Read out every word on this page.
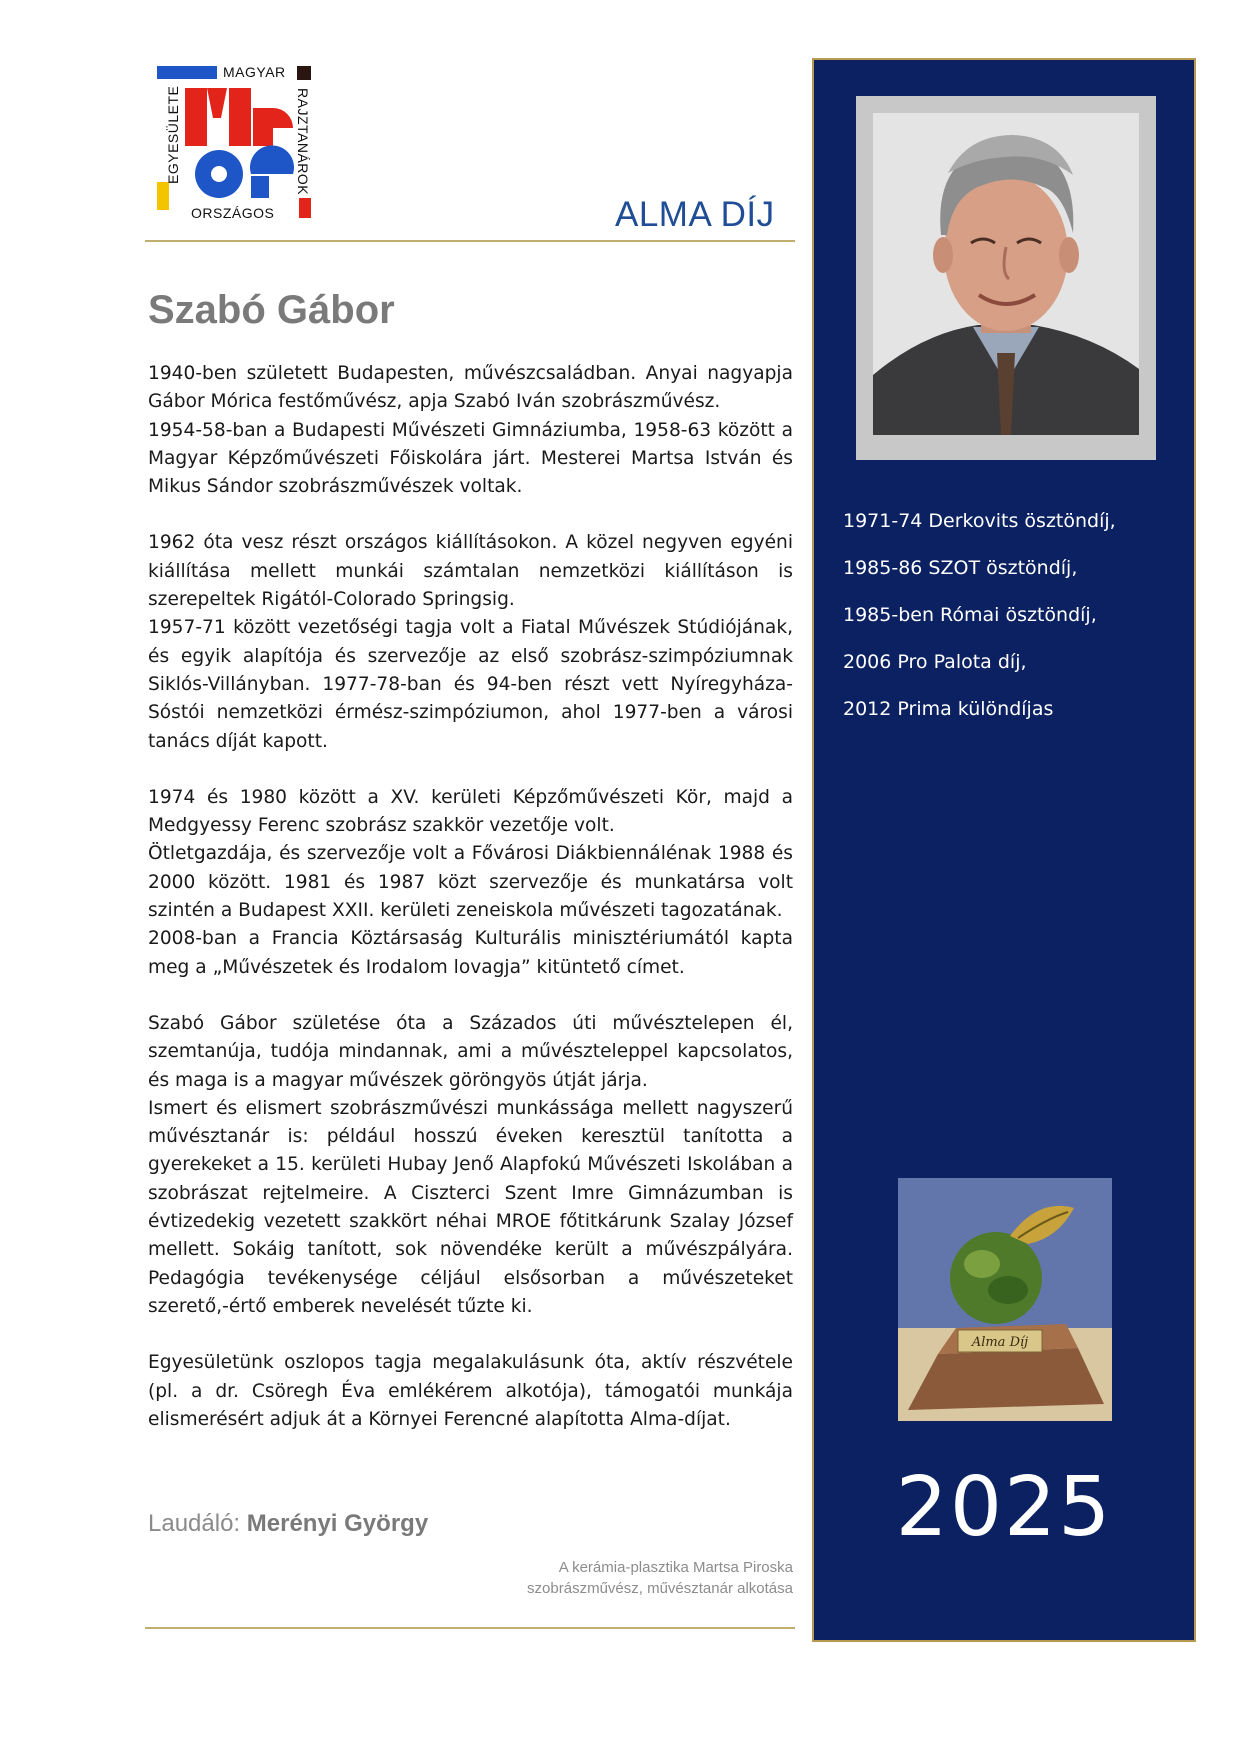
MAGYAR
RAJZTANÁROK
ORSZÁGOS
EGYESÜLETE
ALMA DÍJ
Szabó Gábor

1940-ben született Budapesten, művészcsaládban. Anyai nagyapja Gábor Mórica festőművész, apja Szabó Iván szobrászművész.
1954-58-ban a Budapesti Művészeti Gimnáziumba, 1958-63 között a Magyar Képzőművészeti Főiskolára járt. Mesterei Martsa István és Mikus Sándor szobrászművészek voltak.

1962 óta vesz részt országos kiállításokon. A közel negyven egyéni kiállítása mellett munkái számtalan nemzetközi kiállításon is szerepeltek Rigától-Colorado Springsig.
1957-71 között vezetőségi tagja volt a Fiatal Művészek Stúdiójának, és egyik alapítója és szervezője az első szobrász-szimpóziumnak Siklós-Villányban. 1977-78-ban és 94-ben részt vett Nyíregyháza-Sóstói nemzetközi érmész-szimpóziumon, ahol 1977-ben a városi tanács díját kapott.

1974 és 1980 között a XV. kerületi Képzőművészeti Kör, majd a Medgyessy Ferenc szobrász szakkör vezetője volt.
Ötletgazdája, és szervezője volt a Fővárosi Diákbiennálénak 1988 és 2000 között. 1981 és 1987 közt szervezője és munkatársa volt szintén a Budapest XXII. kerületi zeneiskola művészeti tagozatának.
2008-ban a Francia Köztársaság Kulturális minisztériumától kapta meg a „Művészetek és Irodalom lovagja” kitüntető címet.

Szabó Gábor születése óta a Százados úti művésztelepen él, szemtanúja, tudója mindannak, ami a művészteleppel kapcsolatos, és maga is a magyar művészek göröngyös útját járja.
Ismert és elismert szobrászművészi munkássága mellett nagyszerű művésztanár is: például hosszú éveken keresztül tanította a gyerekeket a 15. kerületi Hubay Jenő Alapfokú Művészeti Iskolában a szobrászat rejtelmeire. A Ciszterci Szent Imre Gimnázumban is évtizedekig vezetett szakkört néhai MROE főtitkárunk Szalay József mellett. Sokáig tanított, sok növendéke került a művészpályára. Pedagógia tevékenysége céljául elsősorban a művészeteket szerető,-értő emberek nevelését tűzte ki.

Egyesületünk oszlopos tagja megalakulásunk óta, aktív részvétele (pl. a dr. Csöregh Éva emlékérem alkotója), támogatói munkája elismerésért adjuk át a Környei Ferencné alapította Alma-díjat.

Laudáló: Merényi György
A kerámia-plasztika Martsa Piroska
szobrászművész, művésztanár alkotása
1971-74 Derkovits ösztöndíj,
1985-86 SZOT ösztöndíj,
1985-ben Római ösztöndíj,
2006 Pro Palota díj,
2012 Prima különdíjas
Alma Díj
2025
